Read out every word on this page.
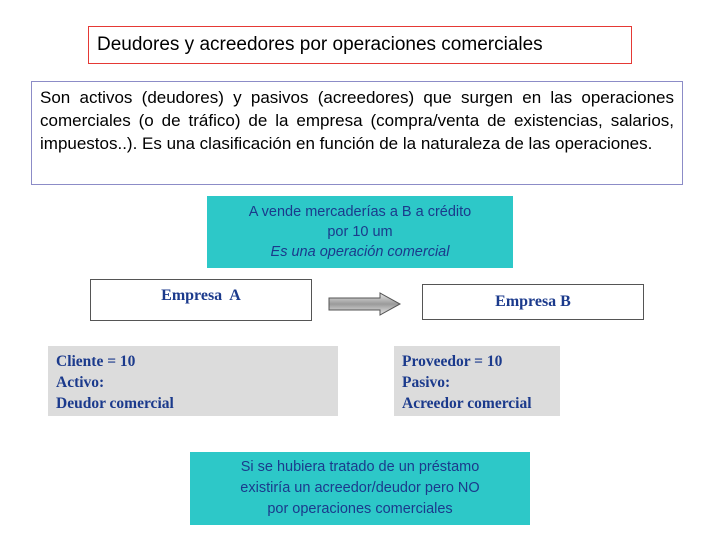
Deudores y acreedores por operaciones comerciales
Son activos (deudores) y pasivos (acreedores) que surgen en las operaciones comerciales (o de tráfico) de la empresa (compra/venta de existencias, salarios, impuestos..). Es una clasificación en función de la naturaleza de las operaciones.
A vende mercaderías a B a crédito
por 10 um
Es una operación comercial
Empresa  A	Empresa B
Cliente = 10
Activo:
Deudor comercial
Proveedor = 10
Pasivo:
Acreedor comercial
Si se hubiera tratado de un préstamo
existiría un acreedor/deudor pero NO
por operaciones comerciales
